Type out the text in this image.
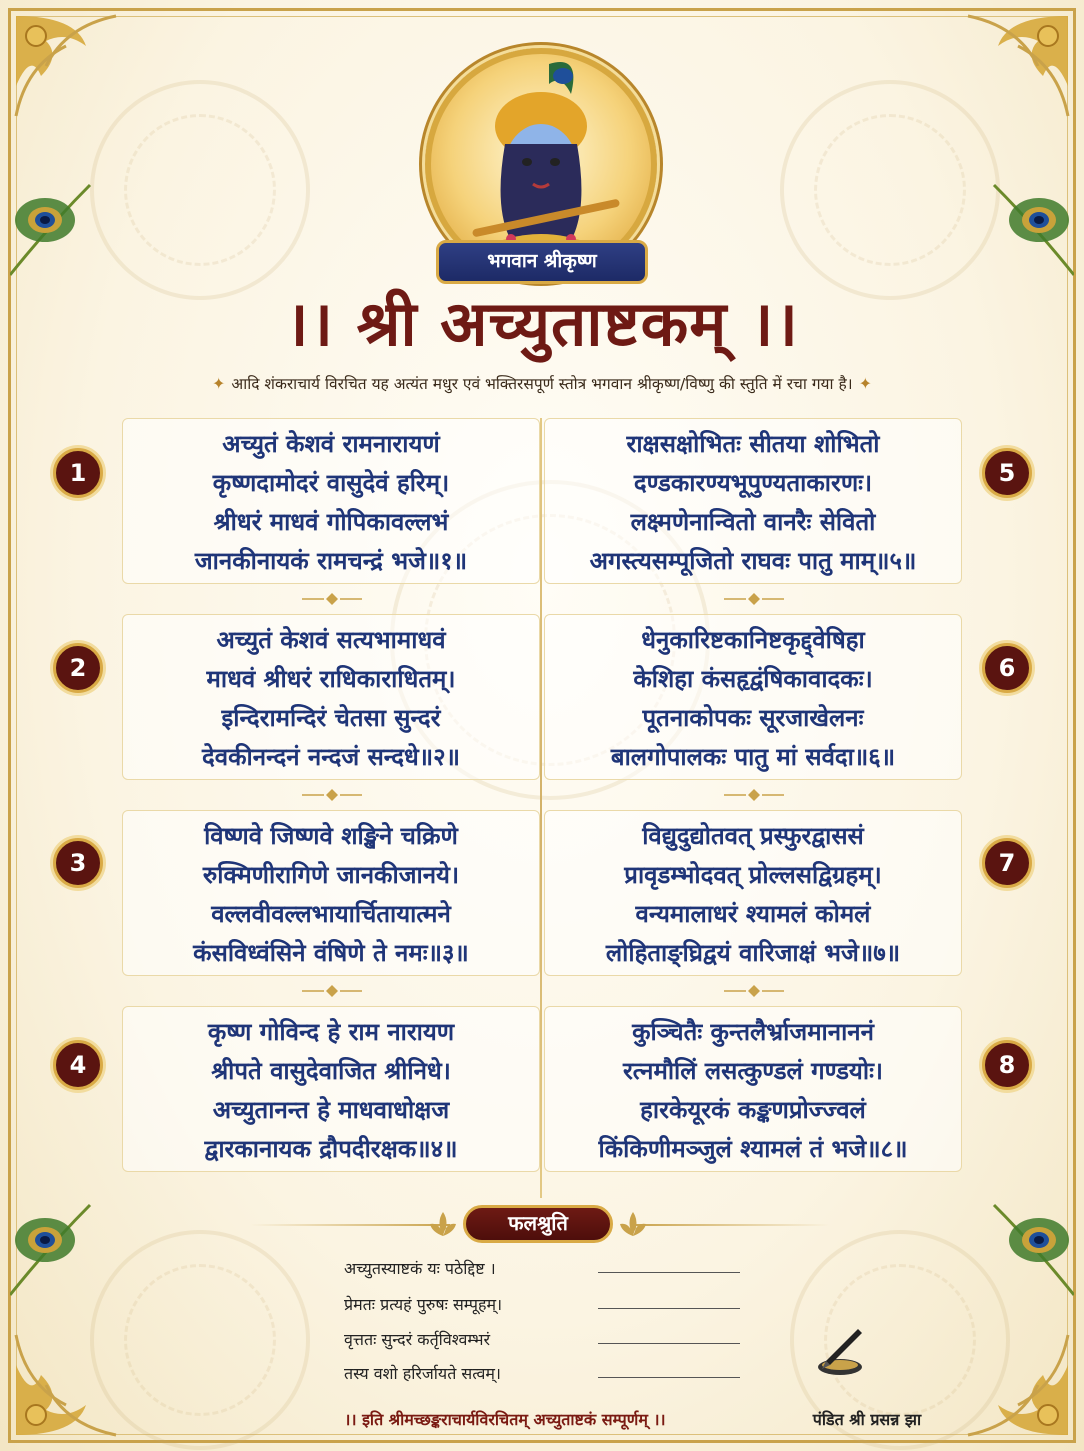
भगवान श्रीकृष्ण
।। श्री अच्युताष्टकम् ।।
✦ आदि शंकराचार्य विरचित यह अत्यंत मधुर एवं भक्तिरसपूर्ण स्तोत्र भगवान श्रीकृष्ण/विष्णु की स्तुति में रचा गया है। ✦
अच्युतं केशवं रामनारायणं
कृष्णदामोदरं वासुदेवं हरिम्।
श्रीधरं माधवं गोपिकावल्लभं
जानकीनायकं रामचन्द्रं भजे॥१॥
1
अच्युतं केशवं सत्यभामाधवं
माधवं श्रीधरं राधिकाराधितम्।
इन्दिरामन्दिरं चेतसा सुन्दरं
देवकीनन्दनं नन्दजं सन्दधे॥२॥
2
विष्णवे जिष्णवे शङ्खिने चक्रिणे
रुक्मिणीरागिणे जानकीजानये।
वल्लवीवल्लभायार्चितायात्मने
कंसविध्वंसिने वंषिणे ते नमः॥३॥
3
कृष्ण गोविन्द हे राम नारायण
श्रीपते वासुदेवाजित श्रीनिधे।
अच्युतानन्त हे माधवाधोक्षज
द्वारकानायक द्रौपदीरक्षक॥४॥
4
राक्षसक्षोभितः सीतया शोभितो
दण्डकारण्यभूपुण्यताकारणः।
लक्ष्मणेनान्वितो वानरैः सेवितो
अगस्त्यसम्पूजितो राघवः पातु माम्॥५॥
5
धेनुकारिष्टकानिष्टकृद्द्वेषिहा
केशिहा कंसहृद्वंषिकावादकः।
पूतनाकोपकः सूरजाखेलनः
बालगोपालकः पातु मां सर्वदा॥६॥
6
विद्युदुद्योतवत् प्रस्फुरद्वाससं
प्रावृडम्भोदवत् प्रोल्लसद्विग्रहम्।
वन्यमालाधरं श्यामलं कोमलं
लोहिताङ्घ्रिद्वयं वारिजाक्षं भजे॥७॥
7
कुञ्चितैः कुन्तलैर्भ्राजमानाननं
रत्नमौलिं लसत्कुण्डलं गण्डयोः।
हारकेयूरकं कङ्कणप्रोज्ज्वलं
किंकिणीमञ्जुलं श्यामलं तं भजे॥८॥
8
फलश्रुति
अच्युतस्याष्टकं यः पठेद्दिष्ट ।
प्रेमतः प्रत्यहं पुरुषः सम्पूहम्।
वृत्ततः सुन्दरं कर्तृविश्वम्भरं
तस्य वशो हरिर्जायते सत्वम्।
।। इति श्रीमच्छङ्कराचार्यविरचितम् अच्युताष्टकं सम्पूर्णम् ।।	पंडित श्री प्रसन्न झा
